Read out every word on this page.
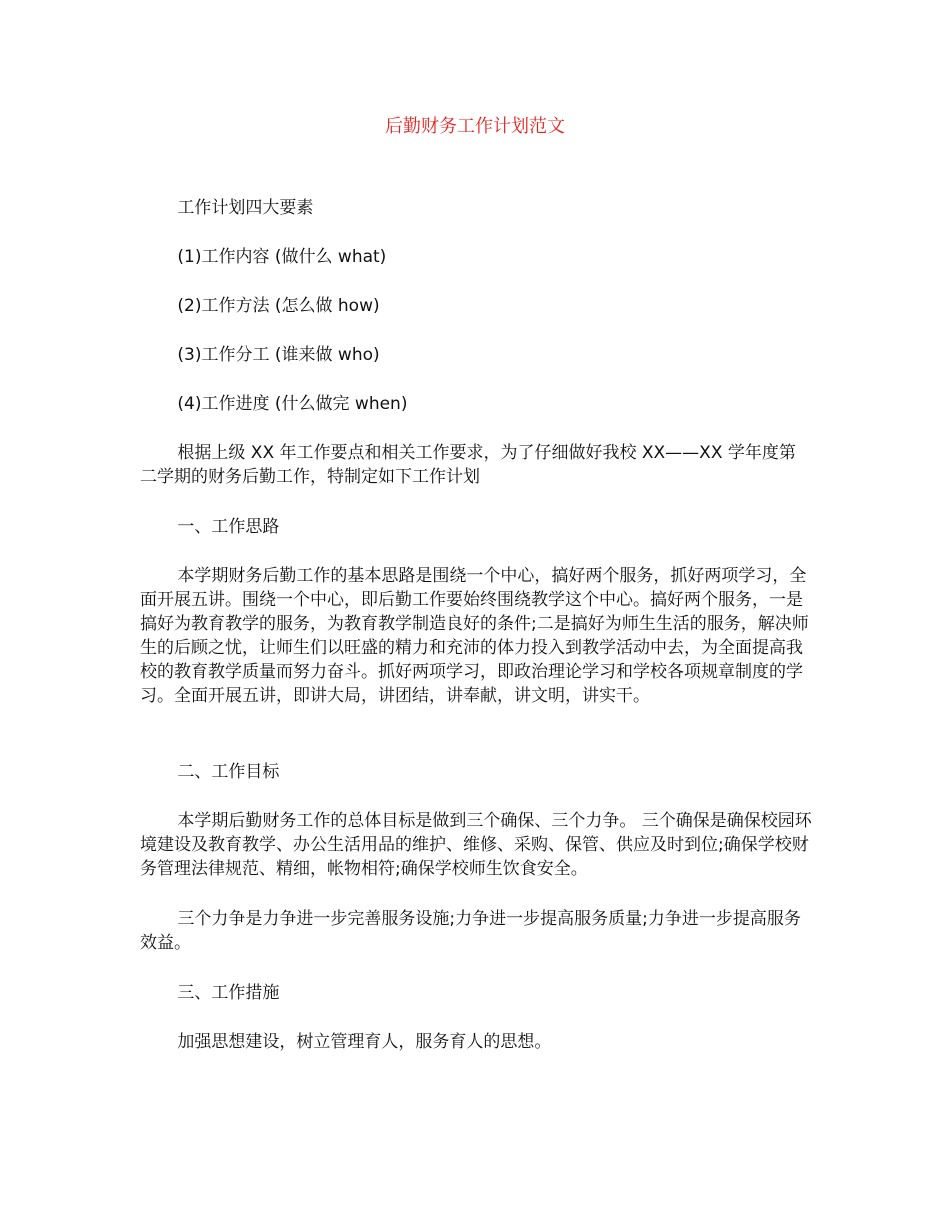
后勤财务工作计划范文
工作计划四大要素
(1)工作内容 (做什么 what)
(2)工作方法 (怎么做 how)
(3)工作分工 (谁来做 who)
(4)工作进度 (什么做完 when)
根据上级 XX 年工作要点和相关工作要求，为了仔细做好我校 XX——XX 学年度第二学期的财务后勤工作，特制定如下工作计划
一、工作思路
本学期财务后勤工作的基本思路是围绕一个中心，搞好两个服务，抓好两项学习，全面开展五讲。围绕一个中心，即后勤工作要始终围绕教学这个中心。搞好两个服务，一是搞好为教育教学的服务，为教育教学制造良好的条件;二是搞好为师生生活的服务，解决师生的后顾之忧，让师生们以旺盛的精力和充沛的体力投入到教学活动中去，为全面提高我校的教育教学质量而努力奋斗。抓好两项学习，即政治理论学习和学校各项规章制度的学习。全面开展五讲，即讲大局，讲团结，讲奉献，讲文明，讲实干。
二、工作目标
本学期后勤财务工作的总体目标是做到三个确保、三个力争。 三个确保是确保校园环境建设及教育教学、办公生活用品的维护、维修、采购、保管、供应及时到位;确保学校财务管理法律规范、精细，帐物相符;确保学校师生饮食安全。
三个力争是力争进一步完善服务设施;力争进一步提高服务质量;力争进一步提高服务效益。
三、工作措施
加强思想建设，树立管理育人，服务育人的思想。
